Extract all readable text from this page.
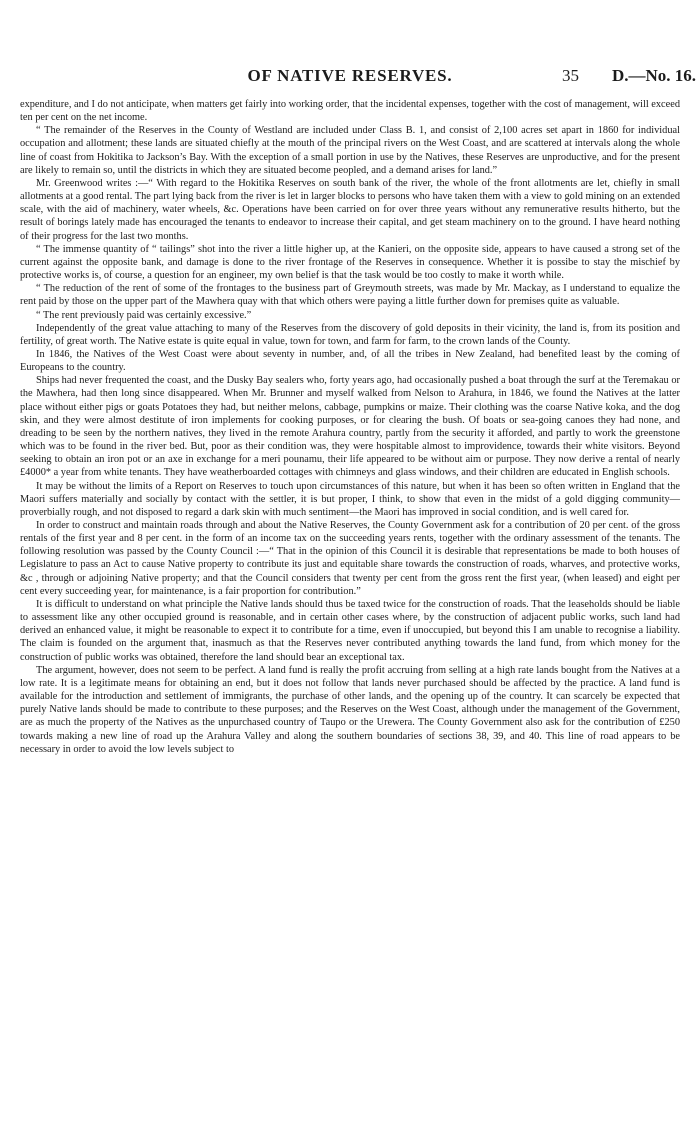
OF NATIVE RESERVES.	35 D.—No. 16.

expenditure, and I do not anticipate, when matters get fairly into working order, that the incidental expenses, together with the cost of management, will exceed ten per cent on the net income.

“ The remainder of the Reserves in the County of Westland are included under Class B. 1, and consist of 2,100 acres set apart in 1860 for individual occupation and allotment; these lands are situated chiefly at the mouth of the principal rivers on the West Coast, and are scattered at intervals along the whole line of coast from Hokitika to Jackson’s Bay. With the exception of a small portion in use by the Natives, these Reserves are unproductive, and for the present are likely to remain so, until the districts in which they are situated become peopled, and a demand arises for land.”

Mr. Greenwood writes :—“ With regard to the Hokitika Reserves on south bank of the river, the whole of the front allotments are let, chiefly in small allotments at a good rental. The part lying back from the river is let in larger blocks to persons who have taken them with a view to gold mining on an extended scale, with the aid of machinery, water wheels, &c. Operations have been carried on for over three years without any remunerative results hitherto, but the result of borings lately made has encouraged the tenants to endeavor to increase their capital, and get steam machinery on to the ground. I have heard nothing of their progress for the last two months.

“ The immense quantity of “ tailings” shot into the river a little higher up, at the Kanieri, on the opposite side, appears to have caused a strong set of the current against the opposite bank, and damage is done to the river frontage of the Reserves in consequence. Whether it is possibe to stay the mischief by protective works is, of course, a question for an engineer, my own belief is that the task would be too costly to make it worth while.

“ The reduction of the rent of some of the frontages to the business part of Greymouth streets, was made by Mr. Mackay, as I understand to equalize the rent paid by those on the upper part of the Mawhera quay with that which others were paying a little further down for premises quite as valuable.

“ The rent previously paid was certainly excessive.”

Independently of the great value attaching to many of the Reserves from the discovery of gold deposits in their vicinity, the land is, from its position and fertility, of great worth. The Native estate is quite equal in value, town for town, and farm for farm, to the crown lands of the County.

In 1846, the Natives of the West Coast were about seventy in number, and, of all the tribes in New Zealand, had benefited least by the coming of Europeans to the country.

Ships had never frequented the coast, and the Dusky Bay sealers who, forty years ago, had occasionally pushed a boat through the surf at the Teremakau or the Mawhera, had then long since disappeared. When Mr. Brunner and myself walked from Nelson to Arahura, in 1846, we found the Natives at the latter place without either pigs or goats Potatoes they had, but neither melons, cabbage, pumpkins or maize. Their clothing was the coarse Native koka, and the dog skin, and they were almost destitute of iron implements for cooking purposes, or for clearing the bush. Of boats or sea-going canoes they had none, and dreading to be seen by the northern natives, they lived in the remote Arahura country, partly from the security it afforded, and partly to work the greenstone which was to be found in the river bed. But, poor as their condition was, they were hospitable almost to improvidence, towards their white visitors. Beyond seeking to obtain an iron pot or an axe in exchange for a meri pounamu, their life appeared to be without aim or purpose. They now derive a rental of nearly £4000* a year from white tenants. They have weatherboarded cottages with chimneys and glass windows, and their children are educated in English schools.

It may be without the limits of a Report on Reserves to touch upon circumstances of this nature, but when it has been so often written in England that the Maori suffers materially and socially by contact with the settler, it is but proper, I think, to show that even in the midst of a gold digging community—proverbially rough, and not disposed to regard a dark skin with much sentiment—the Maori has improved in social condition, and is well cared for.

In order to construct and maintain roads through and about the Native Reserves, the County Government ask for a contribution of 20 per cent. of the gross rentals of the first year and 8 per cent. in the form of an income tax on the succeeding years rents, together with the ordinary assessment of the tenants. The following resolution was passed by the County Council :—“ That in the opinion of this Council it is desirable that representations be made to both houses of Legislature to pass an Act to cause Native property to contribute its just and equitable share towards the construction of roads, wharves, and protective works, &c , through or adjoining Native property; and that the Council considers that twenty per cent from the gross rent the first year, (when leased) and eight per cent every succeeding year, for maintenance, is a fair proportion for contribution.”

It is difficult to understand on what principle the Native lands should thus be taxed twice for the construction of roads. That the leaseholds should be liable to assessment like any other occupied ground is reasonable, and in certain other cases where, by the construction of adjacent public works, such land had derived an enhanced value, it might be reasonable to expect it to contribute for a time, even if unoccupied, but beyond this I am unable to recognise a liability. The claim is founded on the argument that, inasmuch as that the Reserves never contributed anything towards the land fund, from which money for the construction of public works was obtained, therefore the land should bear an exceptional tax.

The argument, however, does not seem to be perfect. A land fund is really the profit accruing from selling at a high rate lands bought from the Natives at a low rate. It is a legitimate means for obtaining an end, but it does not follow that lands never purchased should be affected by the practice. A land fund is available for the introduction and settlement of immigrants, the purchase of other lands, and the opening up of the country. It can scarcely be expected that purely Native lands should be made to contribute to these purposes; and the Reserves on the West Coast, although under the management of the Government, are as much the property of the Natives as the unpurchased country of Taupo or the Urewera. The County Government also ask for the contribution of £250 towards making a new line of road up the Arahura Valley and along the southern boundaries of sections 38, 39, and 40. This line of road appears to be necessary in order to avoid the low levels subject to
